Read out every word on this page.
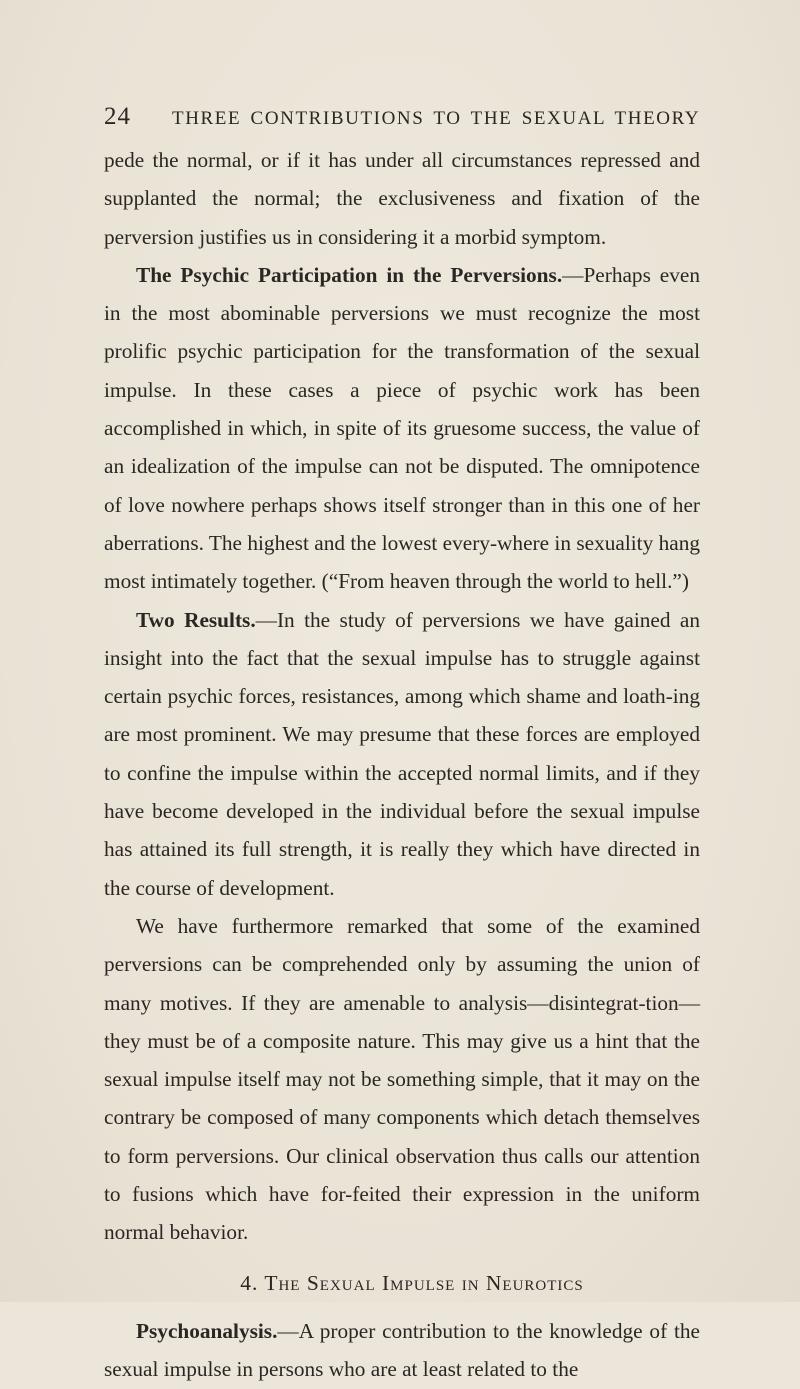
24	THREE CONTRIBUTIONS TO THE SEXUAL THEORY

pede the normal, or if it has under all circumstances repressed and supplanted the normal; the exclusiveness and fixation of the perversion justifies us in considering it a morbid symptom.

The Psychic Participation in the Perversions.—Perhaps even in the most abominable perversions we must recognize the most prolific psychic participation for the transformation of the sexual impulse. In these cases a piece of psychic work has been accomplished in which, in spite of its gruesome success, the value of an idealization of the impulse can not be disputed. The omnipotence of love nowhere perhaps shows itself stronger than in this one of her aberrations. The highest and the lowest every-where in sexuality hang most intimately together. (“From heaven through the world to hell.”)

Two Results.—In the study of perversions we have gained an insight into the fact that the sexual impulse has to struggle against certain psychic forces, resistances, among which shame and loath-ing are most prominent. We may presume that these forces are employed to confine the impulse within the accepted normal limits, and if they have become developed in the individual before the sexual impulse has attained its full strength, it is really they which have directed in the course of development.

We have furthermore remarked that some of the examined perversions can be comprehended only by assuming the union of many motives. If they are amenable to analysis—disintegrat-tion—they must be of a composite nature. This may give us a hint that the sexual impulse itself may not be something simple, that it may on the contrary be composed of many components which detach themselves to form perversions. Our clinical observation thus calls our attention to fusions which have for-feited their expression in the uniform normal behavior.

4. The Sexual Impulse in Neurotics

Psychoanalysis.—A proper contribution to the knowledge of the sexual impulse in persons who are at least related to the
